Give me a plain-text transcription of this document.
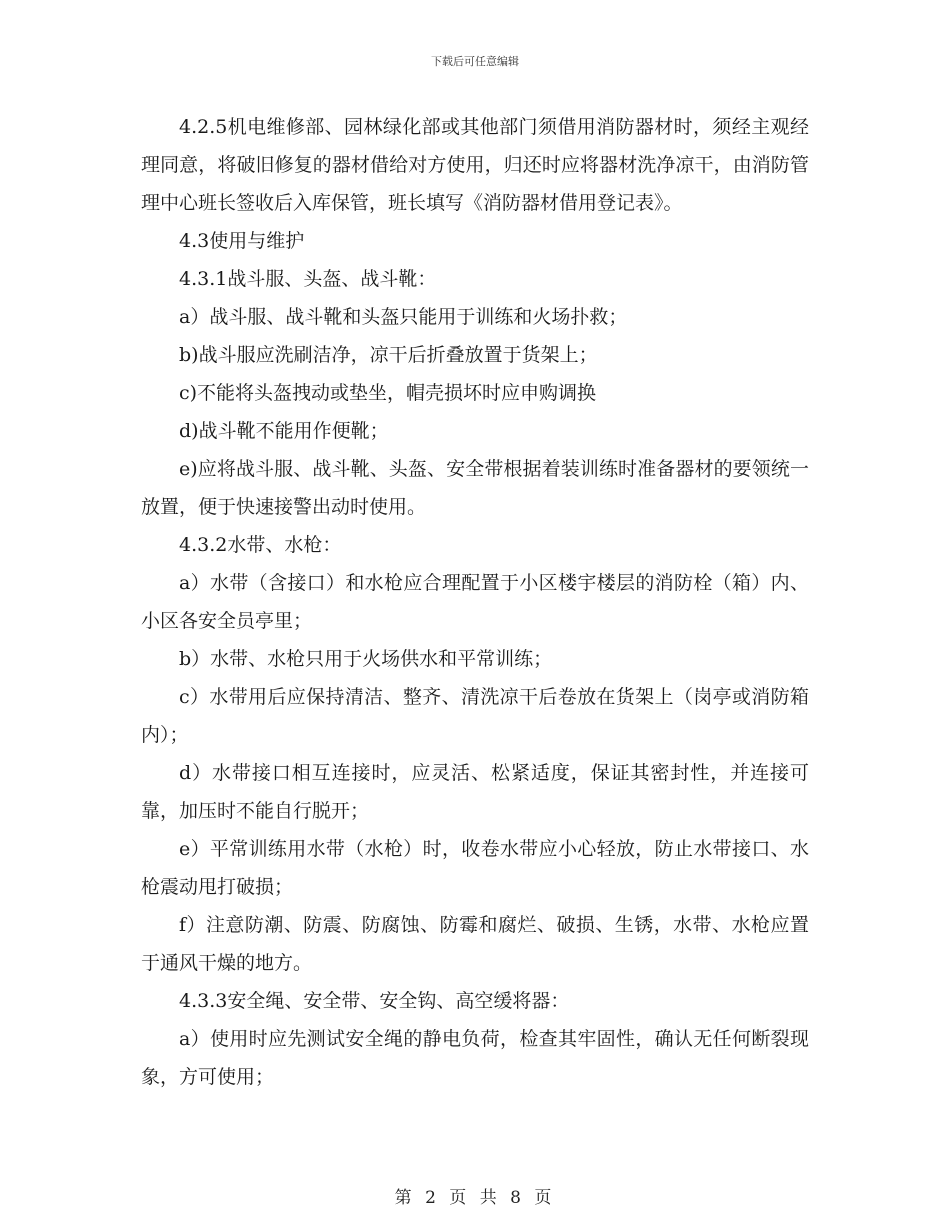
下载后可任意编辑

4.2.5机电维修部、园林绿化部或其他部门须借用消防器材时，须经主观经理同意，将破旧修复的器材借给对方使用，归还时应将器材洗净凉干，由消防管理中心班长签收后入库保管，班长填写《消防器材借用登记表》。

4.3使用与维护

4.3.1战斗服、头盔、战斗靴：

a）战斗服、战斗靴和头盔只能用于训练和火场扑救；

b)战斗服应洗刷洁净，凉干后折叠放置于货架上；

c)不能将头盔拽动或垫坐，帽壳损坏时应申购调换

d)战斗靴不能用作便靴；

e)应将战斗服、战斗靴、头盔、安全带根据着装训练时准备器材的要领统一放置，便于快速接警出动时使用。

4.3.2水带、水枪：

a）水带（含接口）和水枪应合理配置于小区楼宇楼层的消防栓（箱）内、小区各安全员亭里；

b）水带、水枪只用于火场供水和平常训练；

c）水带用后应保持清洁、整齐、清洗凉干后卷放在货架上（岗亭或消防箱内）；

d）水带接口相互连接时，应灵活、松紧适度，保证其密封性，并连接可靠，加压时不能自行脱开；

e）平常训练用水带（水枪）时，收卷水带应小心轻放，防止水带接口、水枪震动甩打破损；

f）注意防潮、防震、防腐蚀、防霉和腐烂、破损、生锈，水带、水枪应置于通风干燥的地方。

4.3.3安全绳、安全带、安全钩、高空缓将器：

a）使用时应先测试安全绳的静电负荷，检查其牢固性，确认无任何断裂现象，方可使用；

第 2 页 共 8 页
